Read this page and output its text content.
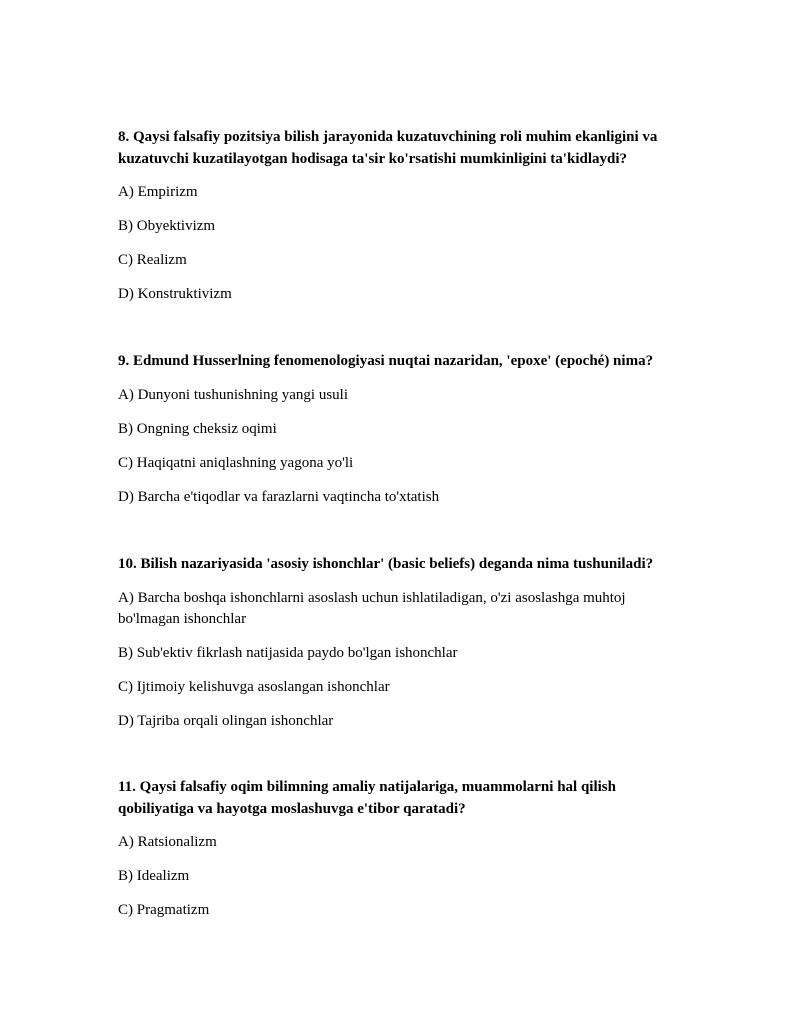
8. Qaysi falsafiy pozitsiya bilish jarayonida kuzatuvchining roli muhim ekanligini va kuzatuvchi kuzatilayotgan hodisaga ta'sir ko'rsatishi mumkinligini ta'kidlaydi?

A) Empirizm

B) Obyektivizm

C) Realizm

D) Konstruktivizm

9. Edmund Husserlning fenomenologiyasi nuqtai nazaridan, 'epoxe' (epoché) nima?

A) Dunyoni tushunishning yangi usuli

B) Ongning cheksiz oqimi

C) Haqiqatni aniqlashning yagona yo'li

D) Barcha e'tiqodlar va farazlarni vaqtincha to'xtatish

10. Bilish nazariyasida 'asosiy ishonchlar' (basic beliefs) deganda nima tushuniladi?

A) Barcha boshqa ishonchlarni asoslash uchun ishlatiladigan, o'zi asoslashga muhtoj bo'lmagan ishonchlar

B) Sub'ektiv fikrlash natijasida paydo bo'lgan ishonchlar

C) Ijtimoiy kelishuvga asoslangan ishonchlar

D) Tajriba orqali olingan ishonchlar

11. Qaysi falsafiy oqim bilimning amaliy natijalariga, muammolarni hal qilish qobiliyatiga va hayotga moslashuvga e'tibor qaratadi?

A) Ratsionalizm

B) Idealizm

C) Pragmatizm
